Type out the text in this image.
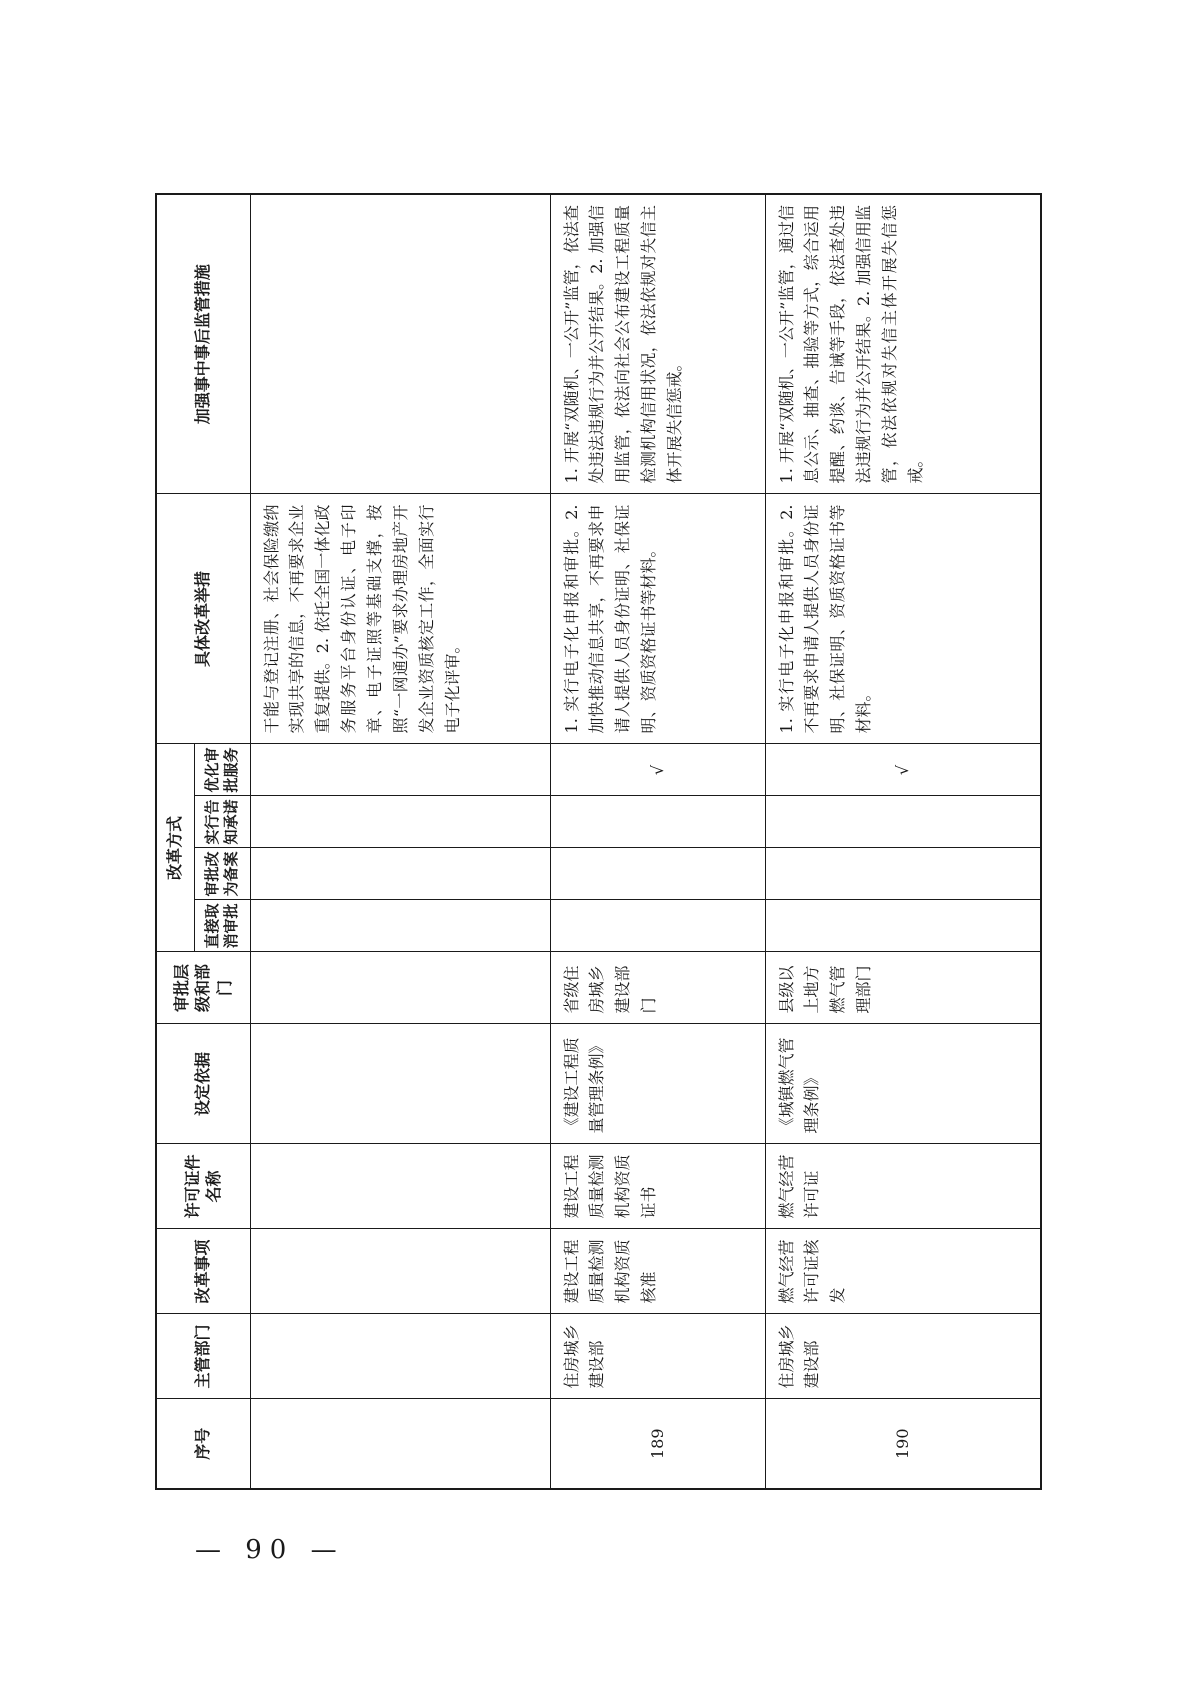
序号	主管部门	改革事项	许可证件名称	设定依据	审批层级和部门	改革方式				具体改革举措	加强事中事后监管措施
						直接取消审批	审批改为备案	实行告知承诺	优化审批服务		
										干能与登记注册、社会保险缴纳实现共享的信息，不再要求企业重复提供。2. 依托全国一体化政务服务平台身份认证、电子印章、电子证照等基础支撑，按照“一网通办”要求办理房地产开发企业资质核定工作，全面实行电子化评审。	
189	住房城乡建设部	建设工程质量检测机构资质核准	建设工程质量检测机构资质证书	《建设工程质量管理条例》	省级住房城乡建设部门				√	1. 实行电子化申报和审批。2. 加快推动信息共享，不再要求申请人提供人员身份证明、社保证明、资质资格证书等材料。	1. 开展“双随机、一公开”监管，依法查处违法违规行为并公开结果。2. 加强信用监管，依法向社会公布建设工程质量检测机构信用状况，依法依规对失信主体开展失信惩戒。
190	住房城乡建设部	燃气经营许可证核发	燃气经营许可证	《城镇燃气管理条例》	县级以上地方燃气管理部门				√	1. 实行电子化申报和审批。2. 不再要求申请人提供人员身份证明、社保证明、资质资格证书等材料。	1. 开展“双随机、一公开”监管，通过信息公示、抽查、抽验等方式，综合运用提醒、约谈、告诫等手段，依法查处违法违规行为并公开结果。2. 加强信用监管，依法依规对失信主体开展失信惩戒。
— 90 —
